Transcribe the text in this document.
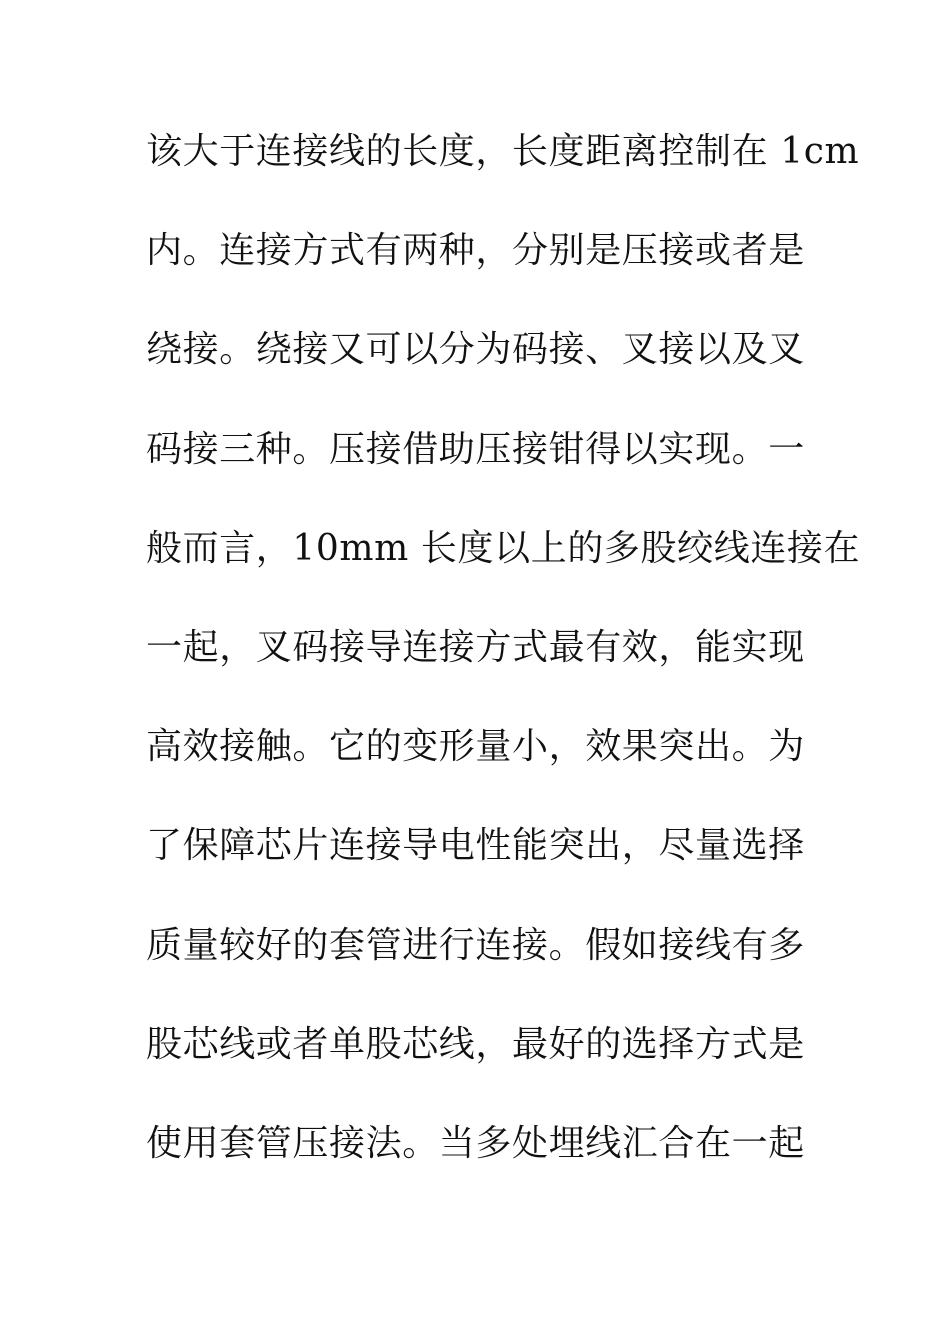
该大于连接线的长度，长度距离控制在 1cm
内。连接方式有两种，分别是压接或者是
绕接。绕接又可以分为码接、叉接以及叉
码接三种。压接借助压接钳得以实现。一
般而言，10mm 长度以上的多股绞线连接在
一起，叉码接导连接方式最有效，能实现
高效接触。它的变形量小，效果突出。为
了保障芯片连接导电性能突出，尽量选择
质量较好的套管进行连接。假如接线有多
股芯线或者单股芯线，最好的选择方式是
使用套管压接法。当多处埋线汇合在一起
